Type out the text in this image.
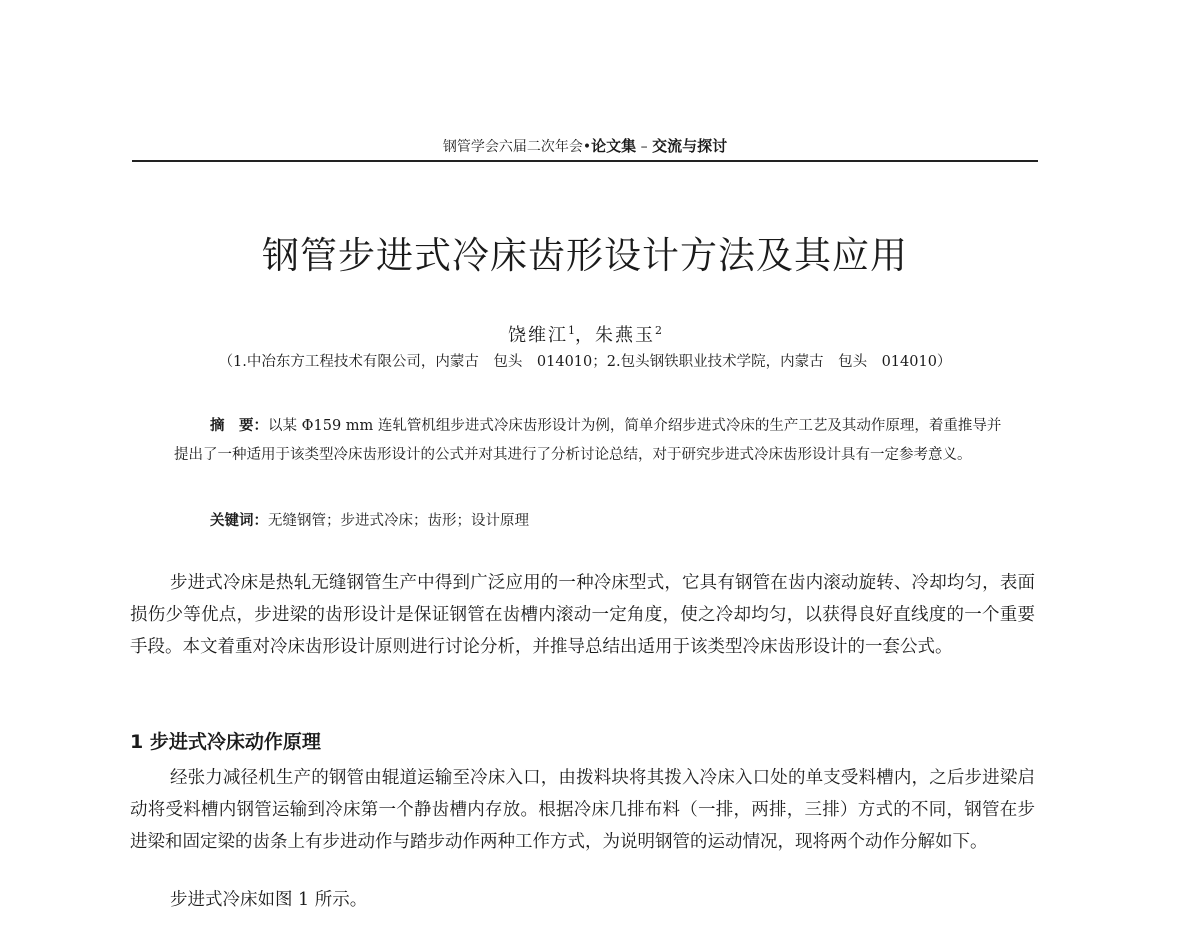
钢管学会六届二次年会•论文集 – 交流与探讨
钢管步进式冷床齿形设计方法及其应用
饶维江$^1$，朱燕玉$^2$
（1.中冶东方工程技术有限公司，内蒙古　包头　014010；2.包头钢铁职业技术学院，内蒙古　包头　014010）

摘　要：以某 Φ159 mm 连轧管机组步进式冷床齿形设计为例，简单介绍步进式冷床的生产工艺及其动作原理，着重推导并提出了一种适用于该类型冷床齿形设计的公式并对其进行了分析讨论总结，对于研究步进式冷床齿形设计具有一定参考意义。

关键词：无缝钢管；步进式冷床；齿形；设计原理

步进式冷床是热轧无缝钢管生产中得到广泛应用的一种冷床型式，它具有钢管在齿内滚动旋转、冷却均匀，表面损伤少等优点，步进梁的齿形设计是保证钢管在齿槽内滚动一定角度，使之冷却均匀，以获得良好直线度的一个重要手段。本文着重对冷床齿形设计原则进行讨论分析，并推导总结出适用于该类型冷床齿形设计的一套公式。

1 步进式冷床动作原理

经张力减径机生产的钢管由辊道运输至冷床入口，由拨料块将其拨入冷床入口处的单支受料槽内，之后步进梁启动将受料槽内钢管运输到冷床第一个静齿槽内存放。根据冷床几排布料（一排，两排，三排）方式的不同，钢管在步进梁和固定梁的齿条上有步进动作与踏步动作两种工作方式，为说明钢管的运动情况，现将两个动作分解如下。

步进式冷床如图 1 所示。
